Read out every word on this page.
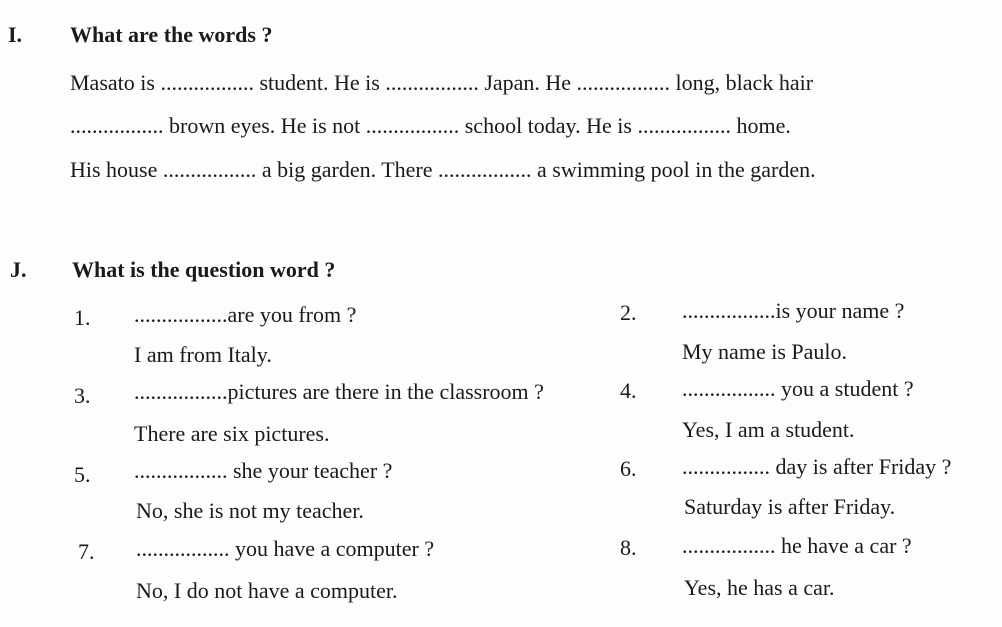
I. What are the words ?
Masato is ................. student. He is ................. Japan. He ................. long, black hair
................. brown eyes. He is not ................. school today. He is ................. home.
His house ................. a big garden. There ................. a swimming pool in the garden.
J. What is the question word ?
1. .................are you from ?
I am from Italy.
3. .................pictures are there in the classroom ?
There are six pictures.
5. ................. she your teacher ?
No, she is not my teacher.
7. ................. you have a computer ?
No, I do not have a computer.
2. .................is your name ?
My name is Paulo.
4. ................. you a student ?
Yes, I am a student.
6. ................ day is after Friday ?
Saturday is after Friday.
8. ................. he have a car ?
Yes, he has a car.
